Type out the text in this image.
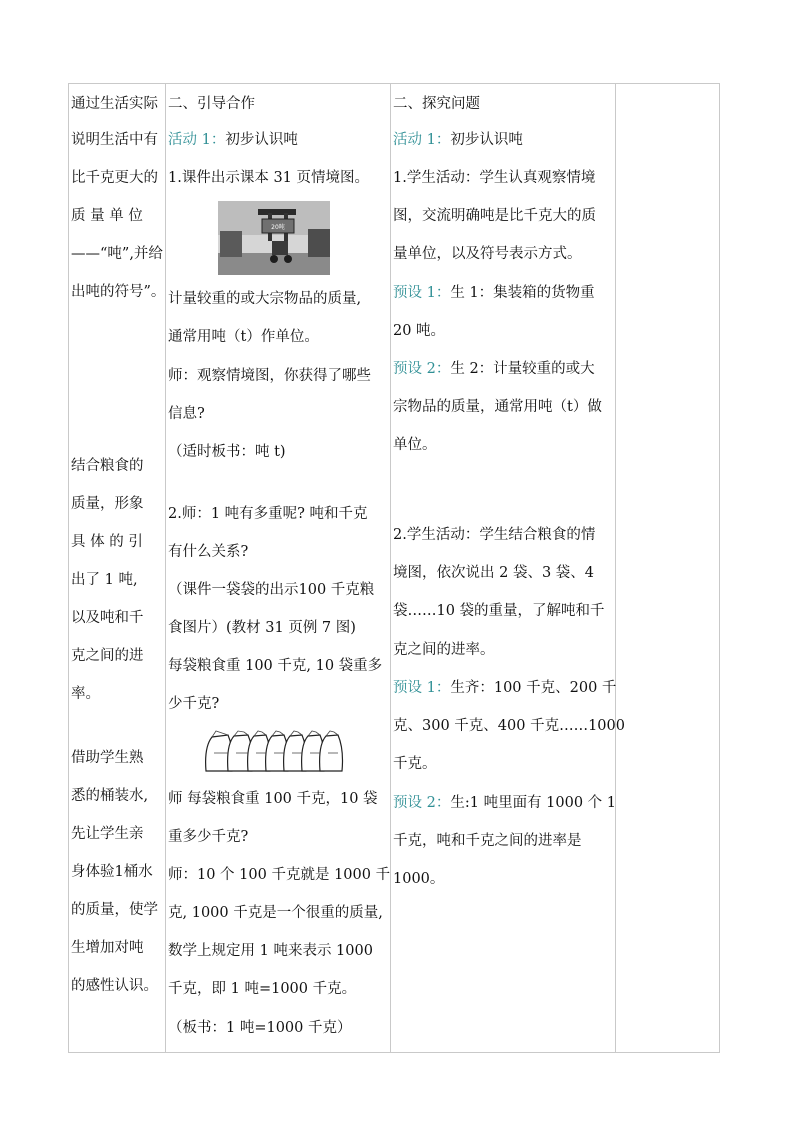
通过生活实际
说明生活中有
比千克更大的
质 量 单 位
——“吨”,并给
出吨的符号”。
结合粮食的
质量，形象
具 体 的 引
出了 1 吨,
以及吨和千
克之间的进
率。
借助学生熟
悉的桶装水,
先让学生亲
身体验1桶水
的质量，使学
生增加对吨
的感性认识。

二、引导合作
活动 1：初步认识吨
1.课件出示课本 31 页情境图。
20吨
计量较重的或大宗物品的质量,
通常用吨（t）作单位。
师：观察情境图，你获得了哪些
信息?
（适时板书：吨 t)
2.师：1 吨有多重呢? 吨和千克
有什么关系?
（课件一袋袋的出示100 千克粮
食图片）(教材 31 页例 7 图)
每袋粮食重 100 千克, 10 袋重多
少千克?
师 每袋粮食重 100 千克，10 袋
重多少千克?
师：10 个 100 千克就是 1000 千
克, 1000 千克是一个很重的质量,
数学上规定用 1 吨来表示 1000
千克，即 1 吨=1000 千克。
（板书：1 吨=1000 千克）

二、探究问题
活动 1：初步认识吨
1.学生活动：学生认真观察情境
图，交流明确吨是比千克大的质
量单位，以及符号表示方式。
预设 1：生 1：集装箱的货物重
20 吨。
预设 2：生 2：计量较重的或大
宗物品的质量，通常用吨（t）做
单位。
2.学生活动：学生结合粮食的情
境图，依次说出 2 袋、3 袋、4
袋……10 袋的重量，了解吨和千
克之间的进率。
预设 1：生齐：100 千克、200 千
克、300 千克、400 千克……1000
千克。
预设 2：生:1 吨里面有 1000 个 1
千克，吨和千克之间的进率是
1000。
